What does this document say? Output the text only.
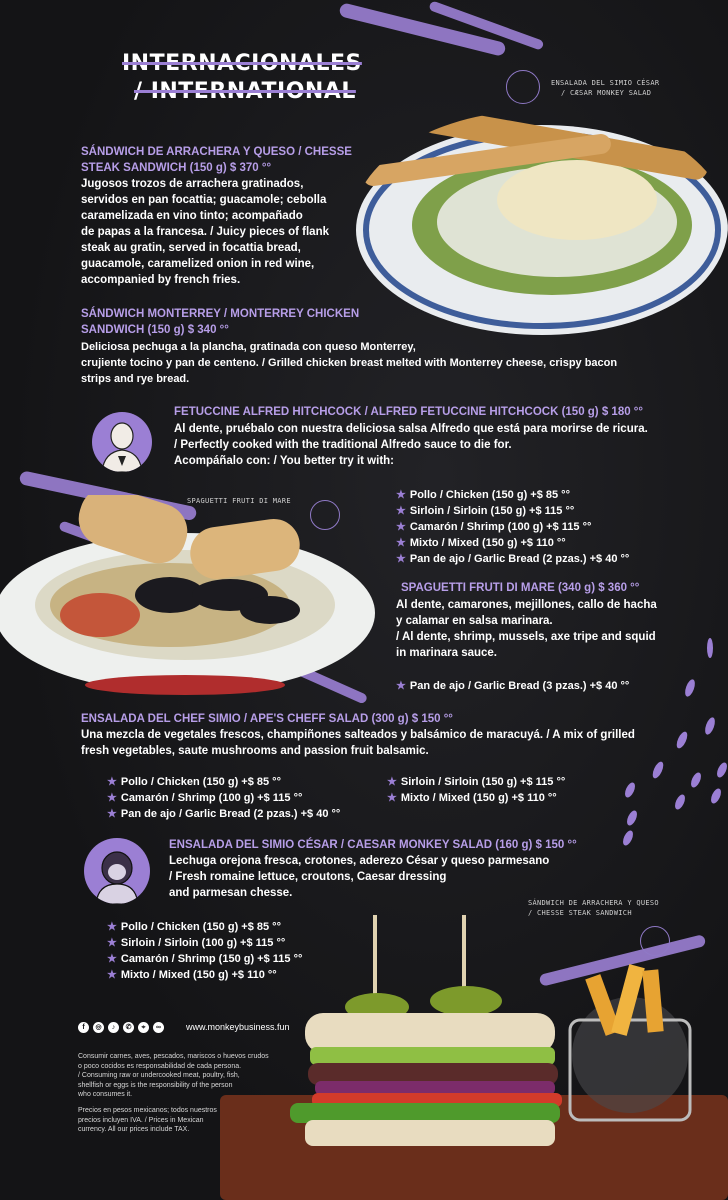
INTERNACIONALES
/ INTERNATIONAL	ENSALADA DEL SIMIO CÉSAR
/ CÆSAR MONKEY SALAD
SÁNDWICH DE ARRACHERA Y QUESO / CHESSE
STEAK SANDWICH (150 g) $ 370 °°
Jugosos trozos de arrachera gratinados,
servidos en pan focattia; guacamole; cebolla
caramelizada en vino tinto; acompañado
de papas a la francesa. / Juicy pieces of flank
steak au gratin, served in focattia bread,
guacamole, caramelized onion in red wine,
accompanied by french fries.
SÁNDWICH MONTERREY / MONTERREY CHICKEN
SANDWICH (150 g) $ 340 °°
Deliciosa pechuga a la plancha, gratinada con queso Monterrey,
crujiente tocino y pan de centeno. / Grilled chicken breast melted with Monterrey cheese, crispy bacon
strips and rye bread.
FETUCCINE ALFRED HITCHCOCK / ALFRED FETUCCINE HITCHCOCK (150 g) $ 180 °°
Al dente, pruébalo con nuestra deliciosa salsa Alfredo que está para morirse de ricura.
/ Perfectly cooked with the traditional Alfredo sauce to die for.
Acompáñalo con: / You better try it with:
SPAGUETTI FRUTI DI MARE	★ Pollo / Chicken (150 g) +$ 85 °°
★ Sirloin / Sirloin (150 g) +$ 115 °°
★ Camarón / Shrimp (100 g) +$ 115 °°
★ Mixto / Mixed (150 g) +$ 110 °°
★ Pan de ajo / Garlic Bread (2 pzas.) +$ 40 °°
SPAGUETTI FRUTI DI MARE (340 g) $ 360 °°
Al dente, camarones, mejillones, callo de hacha
y calamar en salsa marinara.
/ Al dente, shrimp, mussels, axe tripe and squid
in marinara sauce.
★ Pan de ajo / Garlic Bread (3 pzas.) +$ 40 °°
ENSALADA DEL CHEF SIMIO / APE'S CHEFF SALAD (300 g) $ 150 °°
Una mezcla de vegetales frescos, champiñones salteados y balsámico de maracuyá. / A mix of grilled
fresh vegetables, saute mushrooms and passion fruit balsamic.
★ Pollo / Chicken (150 g) +$ 85 °°
★ Camarón / Shrimp (100 g) +$ 115 °°
★ Pan de ajo / Garlic Bread (2 pzas.) +$ 40 °°
★ Sirloin / Sirloin (150 g) +$ 115 °°
★ Mixto / Mixed (150 g) +$ 110 °°
ENSALADA DEL SIMIO CÉSAR / CAESAR MONKEY SALAD (160 g) $ 150 °°
Lechuga orejona fresca, crotones, aderezo César y queso parmesano
/ Fresh romaine lettuce, croutons, Caesar dressing
and parmesan chesse.
★ Pollo / Chicken (150 g) +$ 85 °°
★ Sirloin / Sirloin (100 g) +$ 115 °°
★ Camarón / Shrimp (150 g) +$ 115 °°
★ Mixto / Mixed (150 g) +$ 110 °°
SÁNDWICH DE ARRACHERA Y QUESO
/ CHESSE STEAK SANDWICH
f	◎	♪	✆	⌖	∞	www.monkeybusiness.fun
Consumir carnes, aves, pescados, mariscos o huevos crudos
o poco cocidos es responsabilidad de cada persona.
/ Consuming raw or undercooked meat, poultry, fish,
shellfish or eggs is the responsibility of the person
who consumes it.
Precios en pesos mexicanos; todos nuestros
precios incluyen IVA. / Prices in Mexican
currency. All our prices include TAX.
